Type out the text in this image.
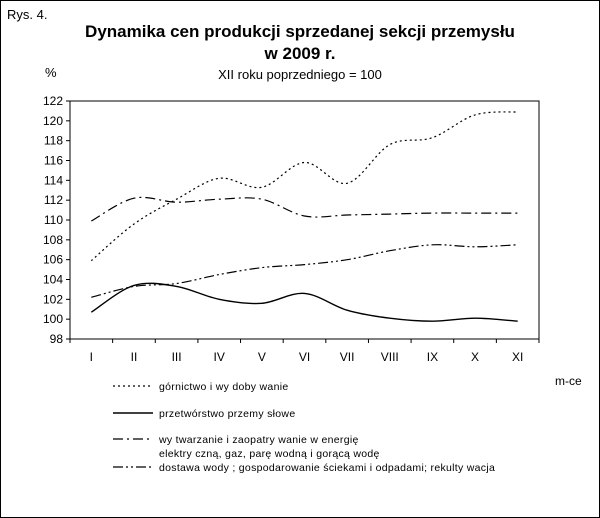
Rys. 4.
Dynamika cen produkcji sprzedanej sekcji przemysłu
w 2009 r.
XII roku poprzedniego = 100
%
m-ce
98
100
102
104
106
108
110
112
114
116
118
120
122
I	II	III	IV	V	VI VII VIII IX	X	XI
górnictwo i wy doby wanie
przetwórstwo przemy słowe
wy twarzanie i zaopatry wanie w energię
elektry czną, gaz, parę wodną i gorącą wodę
dostawa wody ; gospodarowanie ściekami i odpadami; rekulty wacja
